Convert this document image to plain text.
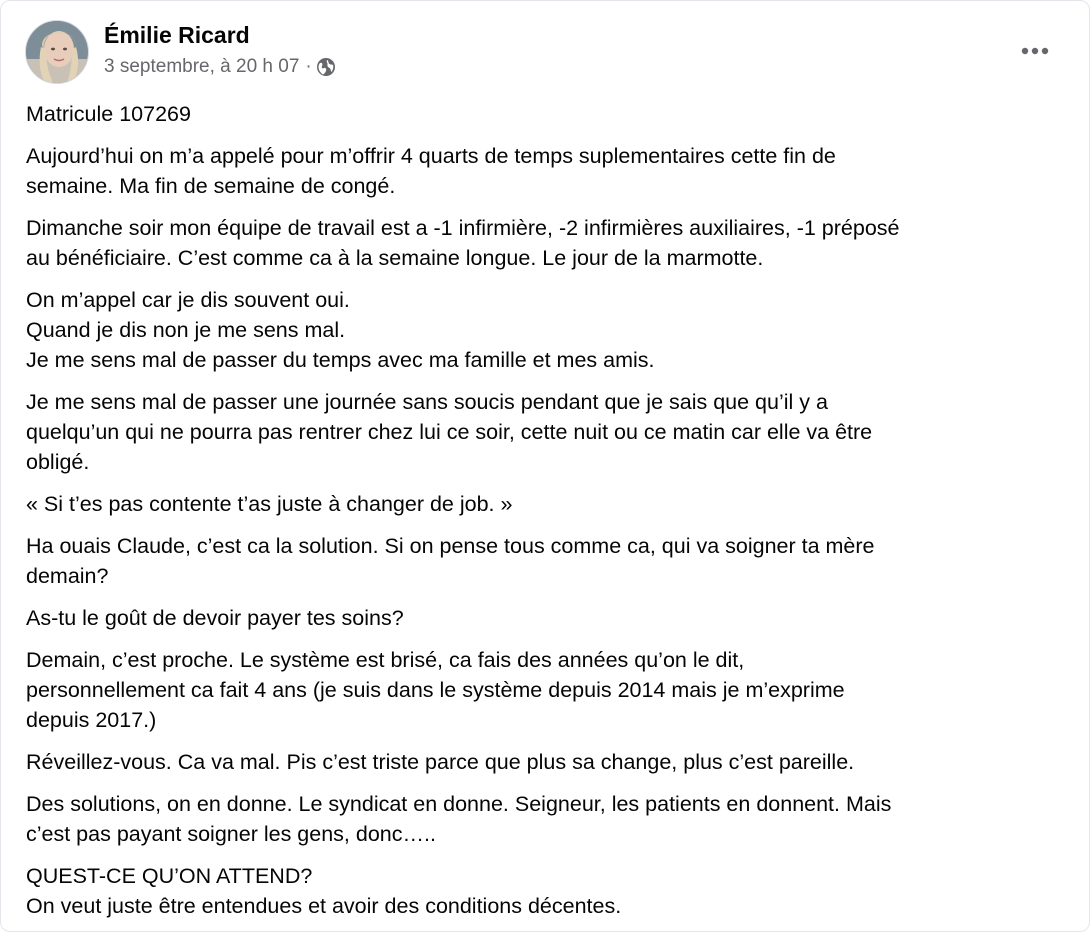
Émilie Ricard
3 septembre, à 20 h 07 ·

Matricule 107269

Aujourd’hui on m’a appelé pour m’offrir 4 quarts de temps suplementaires cette fin de
semaine. Ma fin de semaine de congé.

Dimanche soir mon équipe de travail est a -1 infirmière, -2 infirmières auxiliaires, -1 préposé
au bénéficiaire. C’est comme ca à la semaine longue. Le jour de la marmotte.

On m’appel car je dis souvent oui.
Quand je dis non je me sens mal.
Je me sens mal de passer du temps avec ma famille et mes amis.

Je me sens mal de passer une journée sans soucis pendant que je sais que qu’il y a
quelqu’un qui ne pourra pas rentrer chez lui ce soir, cette nuit ou ce matin car elle va être
obligé.

« Si t’es pas contente t’as juste à changer de job. »

Ha ouais Claude, c’est ca la solution. Si on pense tous comme ca, qui va soigner ta mère
demain?

As-tu le goût de devoir payer tes soins?

Demain, c’est proche. Le système est brisé, ca fais des années qu’on le dit,
personnellement ca fait 4 ans (je suis dans le système depuis 2014 mais je m’exprime
depuis 2017.)

Réveillez-vous. Ca va mal. Pis c’est triste parce que plus sa change, plus c’est pareille.

Des solutions, on en donne. Le syndicat en donne. Seigneur, les patients en donnent. Mais
c’est pas payant soigner les gens, donc…..

QUEST-CE QU’ON ATTEND?
On veut juste être entendues et avoir des conditions décentes.
